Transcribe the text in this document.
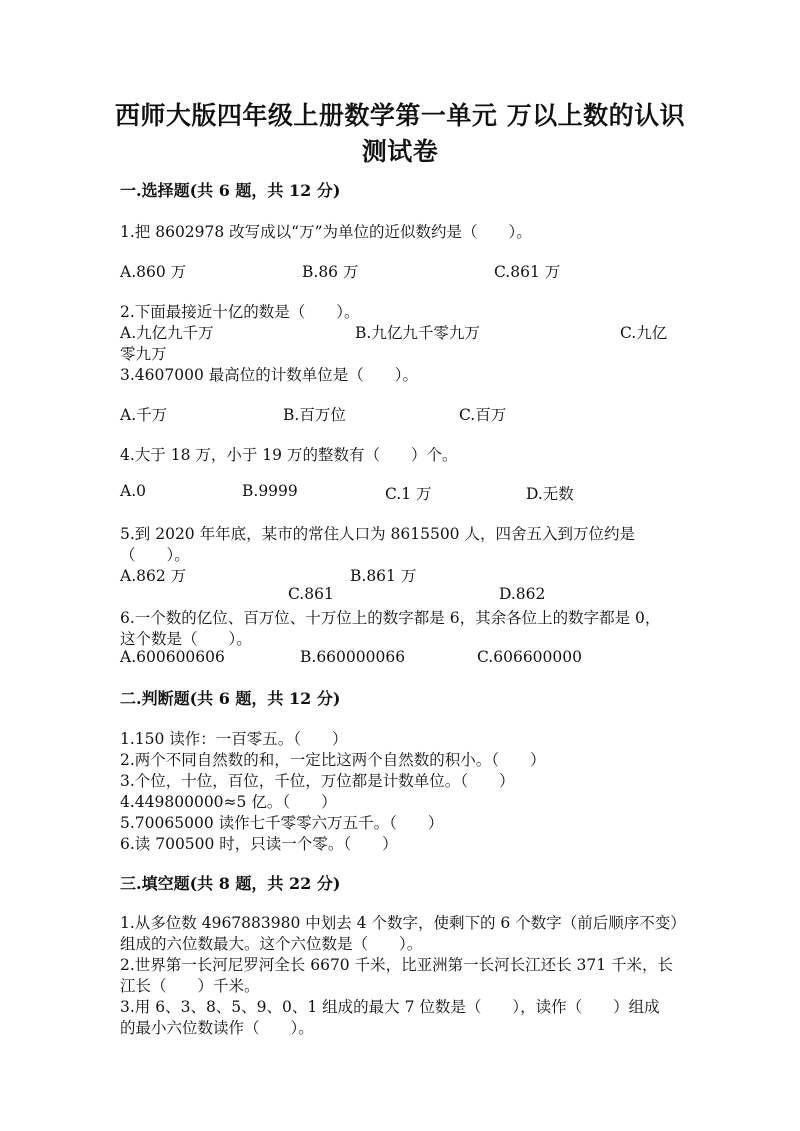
西师大版四年级上册数学第一单元 万以上数的认识
测试卷
一.选择题(共 6 题，共 12 分)
1.把 8602978 改写成以“万”为单位的近似数约是（　　）。
A.860 万	B.86 万	C.861 万
2.下面最接近十亿的数是（　　）。
A.九亿九千万	B.九亿九千零九万	C.九亿
零九万
3.4607000 最高位的计数单位是（　　）。
A.千万	B.百万位	C.百万
4.大于 18 万，小于 19 万的整数有（　　）个。
A.0	B.9999	C.1 万	D.无数
5.到 2020 年年底，某市的常住人口为 8615500 人，四舍五入到万位约是
（　　）。
A.862 万	B.861 万
C.861	D.862
6.一个数的亿位、百万位、十万位上的数字都是 6，其余各位上的数字都是 0，
这个数是（　　）。
A.600600606	B.660000066	C.606600000
二.判断题(共 6 题，共 12 分)
1.150 读作：一百零五。（　　）
2.两个不同自然数的和，一定比这两个自然数的积小。（　　）
3.个位，十位，百位，千位，万位都是计数单位。（　　）
4.449800000≈5 亿。（　　）
5.70065000 读作七千零零六万五千。（　　）
6.读 700500 时，只读一个零。（　　）
三.填空题(共 8 题，共 22 分)
1.从多位数 4967883980 中划去 4 个数字，使剩下的 6 个数字（前后顺序不变）
组成的六位数最大。这个六位数是（　　）。
2.世界第一长河尼罗河全长 6670 千米，比亚洲第一长河长江还长 371 千米，长
江长（　　）千米。
3.用 6、3、8、5、9、0、1 组成的最大 7 位数是（　　），读作（　　）组成
的最小六位数读作（　　）。
